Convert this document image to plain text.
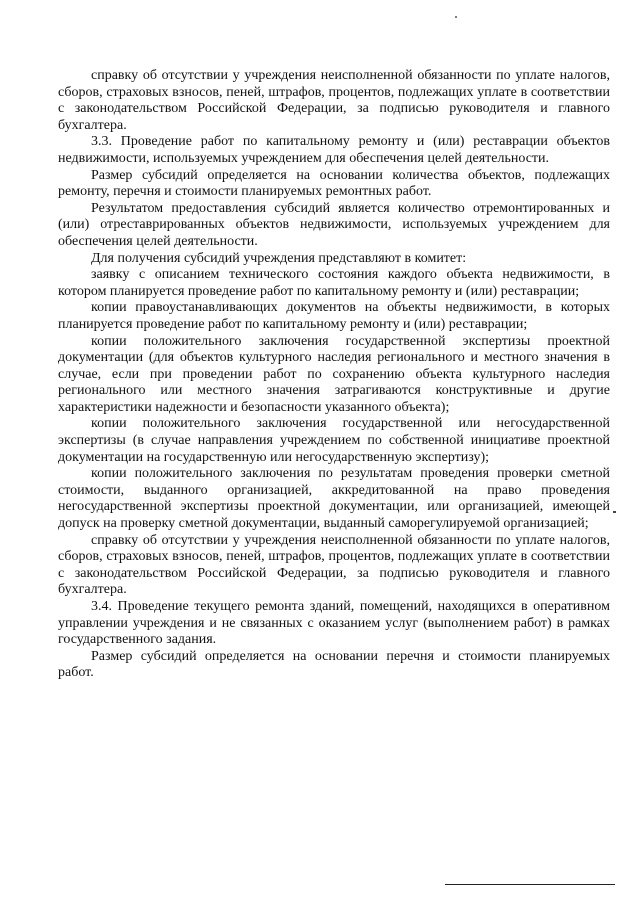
справку об отсутствии у учреждения неисполненной обязанности по уплате налогов, сборов, страховых взносов, пеней, штрафов, процентов, подлежащих уплате в соответствии с законодательством Российской Федерации, за подписью руководителя и главного бухгалтера.

3.3. Проведение работ по капитальному ремонту и (или) реставрации объектов недвижимости, используемых учреждением для обеспечения целей деятельности.

Размер субсидий определяется на основании количества объектов, подлежащих ремонту, перечня и стоимости планируемых ремонтных работ.

Результатом предоставления субсидий является количество отремонтированных и (или) отреставрированных объектов недвижимости, используемых учреждением для обеспечения целей деятельности.

Для получения субсидий учреждения представляют в комитет:

заявку с описанием технического состояния каждого объекта недвижимости, в котором планируется проведение работ по капитальному ремонту и (или) реставрации;

копии правоустанавливающих документов на объекты недвижимости, в которых планируется проведение работ по капитальному ремонту и (или) реставрации;

копии положительного заключения государственной экспертизы проектной документации (для объектов культурного наследия регионального и местного значения в случае, если при проведении работ по сохранению объекта культурного наследия регионального или местного значения затрагиваются конструктивные и другие характеристики надежности и безопасности указанного объекта);

копии положительного заключения государственной или негосударственной экспертизы (в случае направления учреждением по собственной инициативе проектной документации на государственную или негосударственную экспертизу);

копии положительного заключения по результатам проведения проверки сметной стоимости, выданного организацией, аккредитованной на право проведения негосударственной экспертизы проектной документации, или организацией, имеющей допуск на проверку сметной документации, выданный саморегулируемой организацией;

справку об отсутствии у учреждения неисполненной обязанности по уплате налогов, сборов, страховых взносов, пеней, штрафов, процентов, подлежащих уплате в соответствии с законодательством Российской Федерации, за подписью руководителя и главного бухгалтера.

3.4. Проведение текущего ремонта зданий, помещений, находящихся в оперативном управлении учреждения и не связанных с оказанием услуг (выполнением работ) в рамках государственного задания.

Размер субсидий определяется на основании перечня и стоимости планируемых работ.
